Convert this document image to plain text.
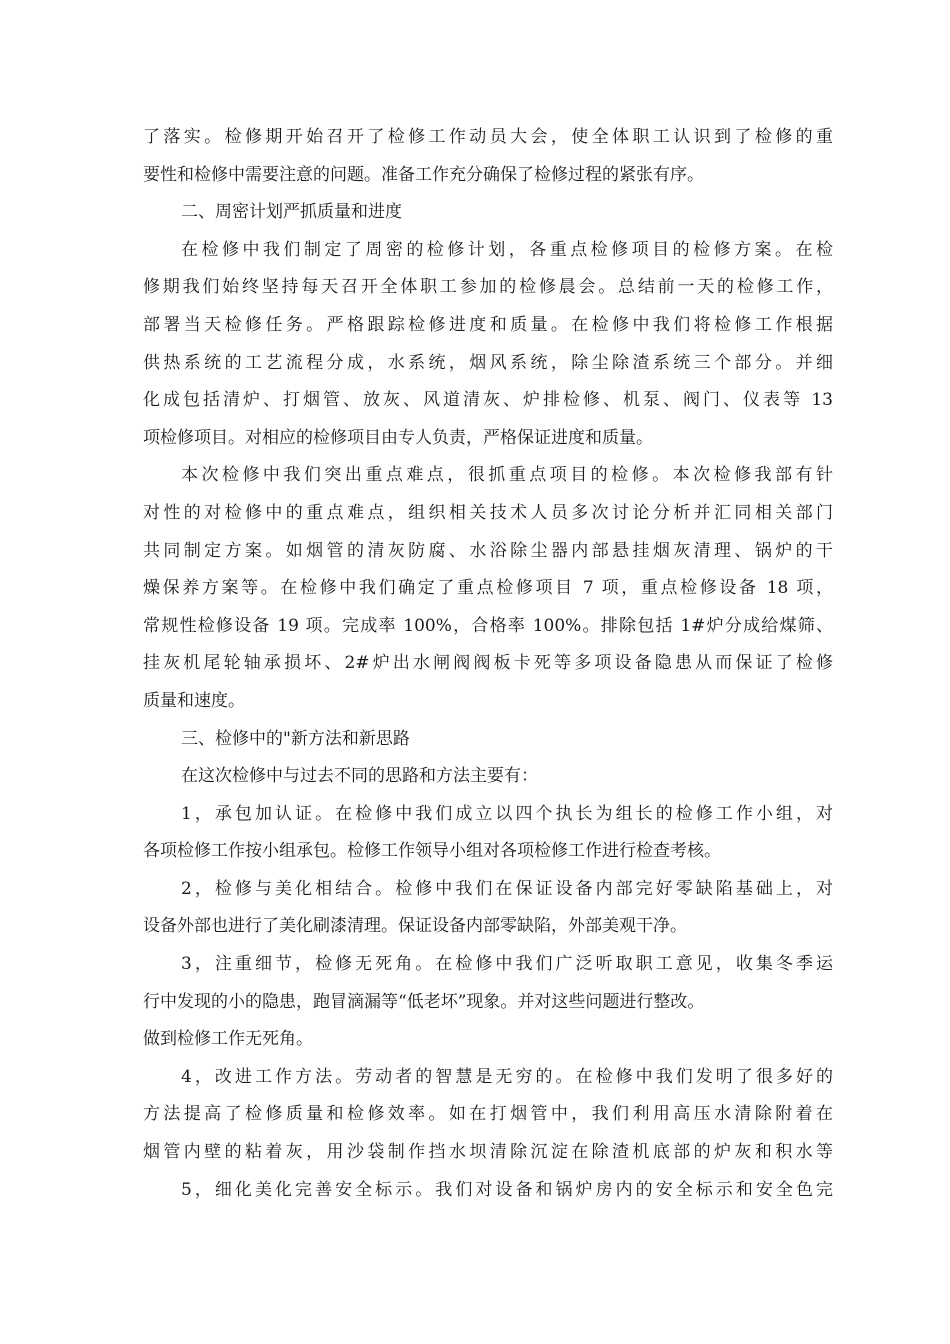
了落实。检修期开始召开了检修工作动员大会，使全体职工认识到了检修的重
要性和检修中需要注意的问题。准备工作充分确保了检修过程的紧张有序。
二、周密计划严抓质量和进度
在检修中我们制定了周密的检修计划，各重点检修项目的检修方案。在检
修期我们始终坚持每天召开全体职工参加的检修晨会。总结前一天的检修工作，
部署当天检修任务。严格跟踪检修进度和质量。在检修中我们将检修工作根据
供热系统的工艺流程分成，水系统，烟风系统，除尘除渣系统三个部分。并细
化成包括清炉、打烟管、放灰、风道清灰、炉排检修、机泵、阀门、仪表等 13
项检修项目。对相应的检修项目由专人负责，严格保证进度和质量。
本次检修中我们突出重点难点，很抓重点项目的检修。本次检修我部有针
对性的对检修中的重点难点，组织相关技术人员多次讨论分析并汇同相关部门
共同制定方案。如烟管的清灰防腐、水浴除尘器内部悬挂烟灰清理、锅炉的干
燥保养方案等。在检修中我们确定了重点检修项目 7 项，重点检修设备 18 项，
常规性检修设备 19 项。完成率 100%，合格率 100%。排除包括 1#炉分成给煤筛、
挂灰机尾轮轴承损坏、2#炉出水闸阀阀板卡死等多项设备隐患从而保证了检修
质量和速度。
三、检修中的"新方法和新思路
在这次检修中与过去不同的思路和方法主要有：
1，承包加认证。在检修中我们成立以四个执长为组长的检修工作小组，对
各项检修工作按小组承包。检修工作领导小组对各项检修工作进行检查考核。
2，检修与美化相结合。检修中我们在保证设备内部完好零缺陷基础上，对
设备外部也进行了美化刷漆清理。保证设备内部零缺陷，外部美观干净。
3，注重细节，检修无死角。在检修中我们广泛听取职工意见，收集冬季运
行中发现的小的隐患，跑冒滴漏等“低老坏”现象。并对这些问题进行整改。
做到检修工作无死角。
4，改进工作方法。劳动者的智慧是无穷的。在检修中我们发明了很多好的
方法提高了检修质量和检修效率。如在打烟管中，我们利用高压水清除附着在
烟管内壁的粘着灰，用沙袋制作挡水坝清除沉淀在除渣机底部的炉灰和积水等
5，细化美化完善安全标示。我们对设备和锅炉房内的安全标示和安全色完
